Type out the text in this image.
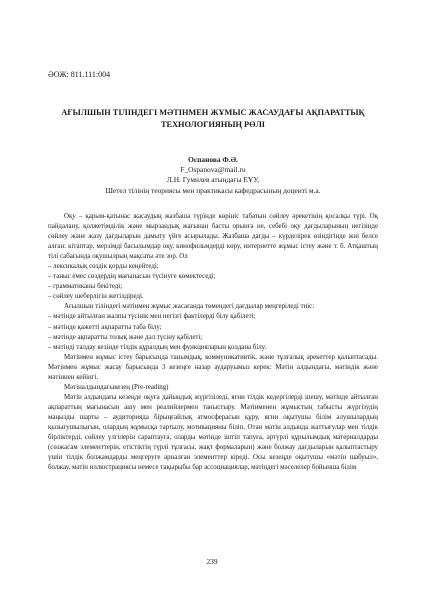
ӘОЖ: 811.111:004
АҒЫЛШЫН ТІЛІНДЕГІ МӘТІНМЕН ЖҰМЫС ЖАСАУДАҒЫ АҚПАРАТТЫҚ
ТЕХНОЛОГИЯНЫҢ РӨЛІ
Оспанова Ф.Ә.
F_Ospanova@mail.ru
Л.Н. Гумилев атындағы ЕҰУ,
Шетел тілінің теориясы мен практикасы кафедрасының доценті м.а.

Оқу – қарым-қатынас жасаудың жазбаша түрінде көрініс табатын сөйлеу әрекетінің қосалқы түрі. Оқ пайдалану, қолжетімділік және мырзандық жағынан басты орынға не, себебі оқу дағдыларының негізінде сөйлеу және жазу дағдыларын дамыту үйге асырылады. Жазбаша дағды – күрделірек өзіндігінде жиі белсе алған: кітаптар, мерзімді басылымдар оқу, кинофильмдерді көру, интернетте жұмыс істеу және т. б. Атқаштың тілі сабағында оқушылрың мақсаты әте зор. Ол

– лексикалық сөздік қорды кеңейтеді;
– таныс емес сөздердің мағынасын түсінуге көмектеседі;
– грамматиканы бекітеді;
– сөйлеу шеберлігін жетілдіреді.

Ағылшын тіліндегі мәтінмен жұмыс жасағанда төмендегі дағдылар меңгеріледі тиіс:

– мәтінде айтылған жалпы түсінік мен негізгі фактілерді білу қабілеті;
– мәтінде қажетті ақпаратты таба білу;
– мәтінде ақпаратты толық және дәл түсіну қабілеті;
– мәтінді талдау кезінде тілдік құралдың мен функцияларын қолдана білу.

Мәтінмен жұмыс істеу барысында танымдық, коммуникативтік, және тұлғалық әрекеттер қалыптасады. Мәтінмен жұмыс жасау барысында 3 кезеңге назар аударуымыз керек: Мәтін алдындағы, мәтіндік және мәтіннен кейінгі.

Мәтіналдындағыкезең (Pre-reading)

Мәтін алдындағы кезеңде оқуға дайындық жүргізіледі, яғни тілдік кедергілерді шешу, мәтінде айтылған ақпараттың мағынасын ашу мен реалийлермен таныстыру. Мәтінменен жұмыстың табысты жүргізудің маңызды шарты – аудиторияда бірыңғайлық атмосферасын құру, яғни оқытушы білім алушылардың қызығушылығын, олардың жұмысқа тартылу, мотивацияны біліп. Отан мәтін алдында жаттығулар мен тілдік бірліктерді, сөйлеу үлгілерін сараптауға, оларды мәтінде іштіп тапуға, әртүрлі құрылымдық материалдарды (сөзжасам элементтерін, етістіктің түрлі тұлғасы, жақт формаларын) және болжау дағдыларын қалыптастыру үшін тілдік болжамдарды меңгеруге арналған элементтер кіреді. Осы кезеңде оқытушы «мәтін шабуыл», болжау, мәтін иллюстрациясы немесе тақырыбы бар ассоциациялар, мәтіндегі мәселелер бойынша білім

239
